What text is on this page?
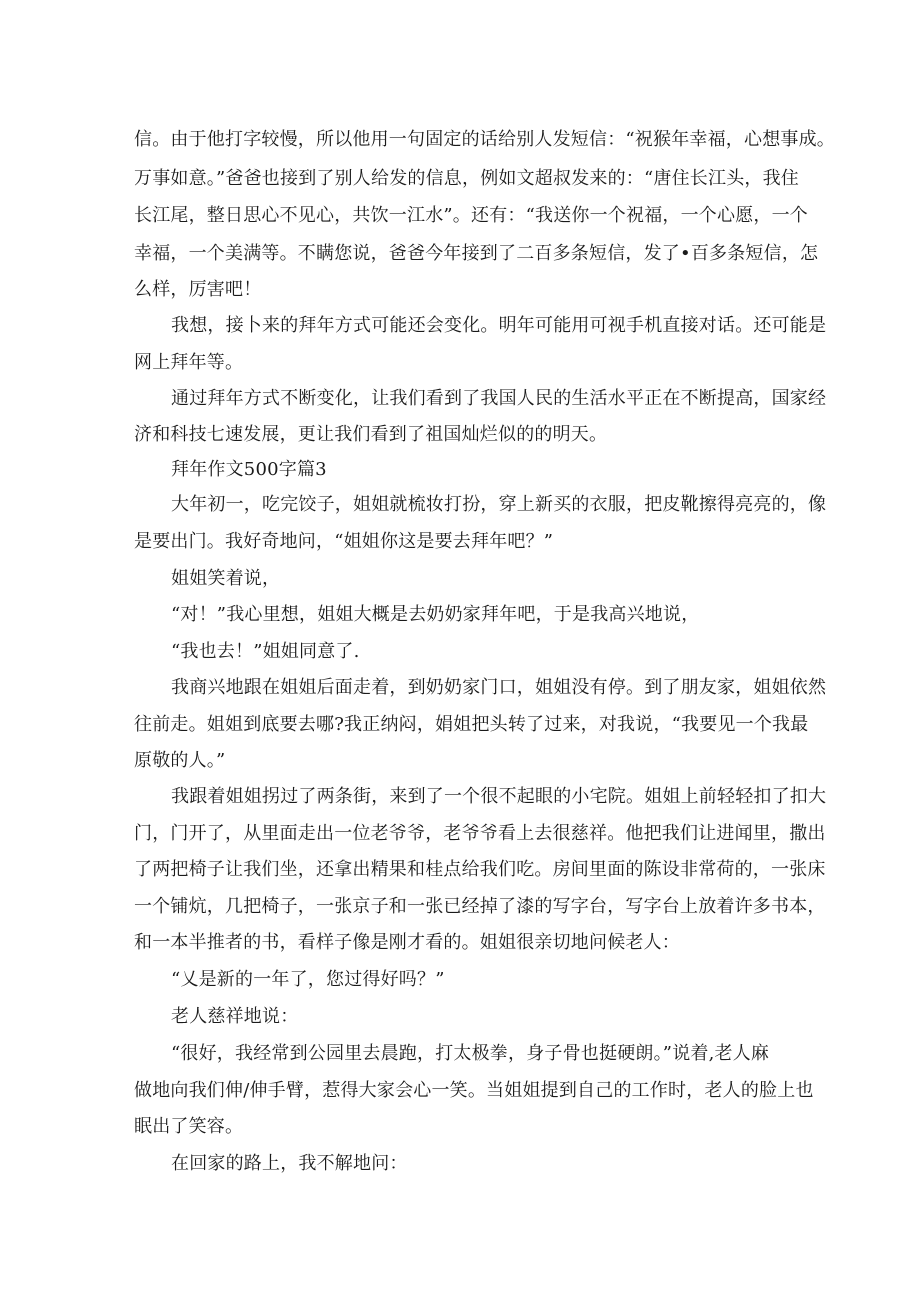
信。由于他打字较慢，所以他用一句固定的话给别人发短信：“祝猴年幸福，心想事成。
万事如意。”爸爸也接到了别人给发的信息，例如文超叔发来的：“唐住长江头，我住
长江尾，整日思心不见心，共饮一江水”。还有：“我送你一个祝福，一个心愿，一个
幸福，一个美满等。不瞒您说，爸爸今年接到了二百多条短信，发了•百多条短信，怎
么样，厉害吧！
我想，接卜来的拜年方式可能还会变化。明年可能用可视手机直接对话。还可能是
网上拜年等。
通过拜年方式不断变化，让我们看到了我国人民的生活水平正在不断提高，国家经
济和科技七速发展，更让我们看到了祖国灿烂似的的明天。
拜年作文500字篇3
大年初一，吃完饺子，姐姐就梳妆打扮，穿上新买的衣服，把皮靴擦得亮亮的，像
是要出门。我好奇地问，“姐姐你这是要去拜年吧？”
姐姐笑着说，
“对！”我心里想，姐姐大概是去奶奶家拜年吧，于是我高兴地说，
“我也去！”姐姐同意了.
我商兴地跟在姐姐后面走着，到奶奶家门口，姐姐没有停。到了朋友家，姐姐依然
往前走。姐姐到底要去哪?我正纳闷，娟姐把头转了过来，对我说，“我要见一个我最
原敬的人。”
我跟着姐姐拐过了两条街，来到了一个很不起眼的小宅院。姐姐上前轻轻扣了扣大
门，门开了，从里面走出一位老爷爷，老爷爷看上去很慈祥。他把我们让进闻里，撒出
了两把椅子让我们坐，还拿出精果和桂点给我们吃。房间里面的陈设非常荷的，一张床
一个铺炕，几把椅子，一张京子和一张已经掉了漆的写字台，写字台上放着许多书本，
和一本半推者的书，看样子像是刚才看的。姐姐很亲切地问候老人：
“乂是新的一年了，您过得好吗？”
老人慈祥地说：
“很好，我经常到公园里去晨跑，打太极拳，身子骨也挺硬朗。”说着,老人麻
做地向我们伸/伸手臂，惹得大家会心一笑。当姐姐提到自己的工作时，老人的脸上也
眠出了笑容。
在回家的路上，我不解地问：
